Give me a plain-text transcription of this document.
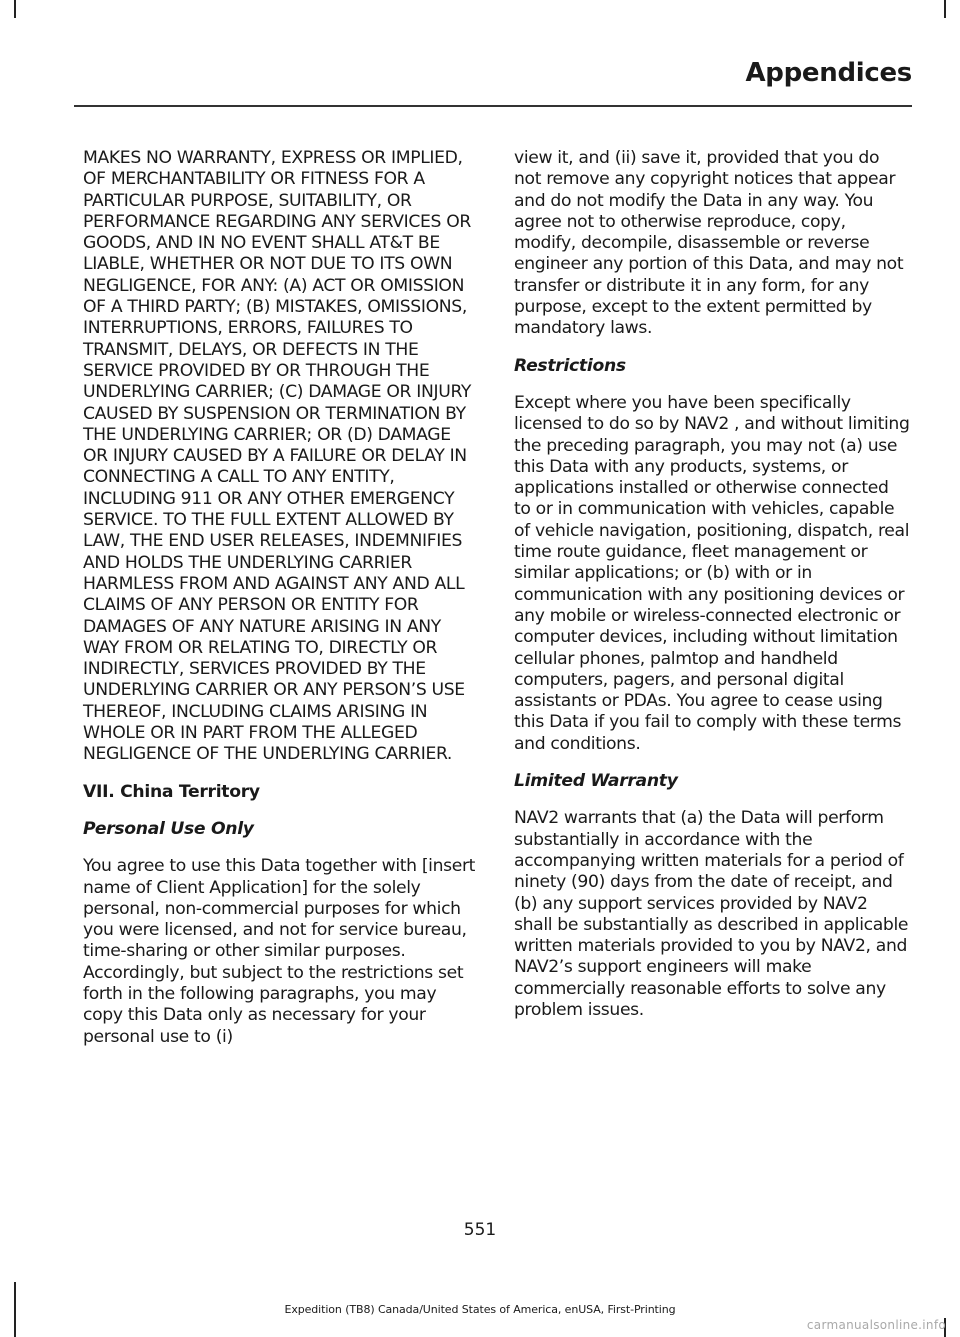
Appendices

MAKES NO WARRANTY, EXPRESS OR IMPLIED, OF MERCHANTABILITY OR FITNESS FOR A PARTICULAR PURPOSE, SUITABILITY, OR PERFORMANCE REGARDING ANY SERVICES OR GOODS, AND IN NO EVENT SHALL AT&T BE LIABLE, WHETHER OR NOT DUE TO ITS OWN NEGLIGENCE, FOR ANY: (A) ACT OR OMISSION OF A THIRD PARTY; (B) MISTAKES, OMISSIONS, INTERRUPTIONS, ERRORS, FAILURES TO TRANSMIT, DELAYS, OR DEFECTS IN THE SERVICE PROVIDED BY OR THROUGH THE UNDERLYING CARRIER; (C) DAMAGE OR INJURY CAUSED BY SUSPENSION OR TERMINATION BY THE UNDERLYING CARRIER; OR (D) DAMAGE OR INJURY CAUSED BY A FAILURE OR DELAY IN CONNECTING A CALL TO ANY ENTITY, INCLUDING 911 OR ANY OTHER EMERGENCY SERVICE. TO THE FULL EXTENT ALLOWED BY LAW, THE END USER RELEASES, INDEMNIFIES AND HOLDS THE UNDERLYING CARRIER HARMLESS FROM AND AGAINST ANY AND ALL CLAIMS OF ANY PERSON OR ENTITY FOR DAMAGES OF ANY NATURE ARISING IN ANY WAY FROM OR RELATING TO, DIRECTLY OR INDIRECTLY, SERVICES PROVIDED BY THE UNDERLYING CARRIER OR ANY PERSON’S USE THEREOF, INCLUDING CLAIMS ARISING IN WHOLE OR IN PART FROM THE ALLEGED NEGLIGENCE OF THE UNDERLYING CARRIER.

VII. China Territory
Personal Use Only

You agree to use this Data together with [insert name of Client Application] for the solely personal, non-commercial purposes for which you were licensed, and not for service bureau, time-sharing or other similar purposes. Accordingly, but subject to the restrictions set forth in the following paragraphs, you may copy this Data only as necessary for your personal use to (i)

view it, and (ii) save it, provided that you do not remove any copyright notices that appear and do not modify the Data in any way. You agree not to otherwise reproduce, copy, modify, decompile, disassemble or reverse engineer any portion of this Data, and may not transfer or distribute it in any form, for any purpose, except to the extent permitted by mandatory laws.

Restrictions

Except where you have been specifically licensed to do so by NAV2 , and without limiting the preceding paragraph, you may not (a) use this Data with any products, systems, or applications installed or otherwise connected to or in communication with vehicles, capable of vehicle navigation, positioning, dispatch, real time route guidance, fleet management or similar applications; or (b) with or in communication with any positioning devices or any mobile or wireless-connected electronic or computer devices, including without limitation cellular phones, palmtop and handheld computers, pagers, and personal digital assistants or PDAs. You agree to cease using this Data if you fail to comply with these terms and conditions.

Limited Warranty

NAV2 warrants that (a) the Data will perform substantially in accordance with the accompanying written materials for a period of ninety (90) days from the date of receipt, and (b) any support services provided by NAV2 shall be substantially as described in applicable written materials provided to you by NAV2, and NAV2’s support engineers will make commercially reasonable efforts to solve any problem issues.

551
Expedition (TB8) Canada/United States of America, enUSA, First-Printing
carmanualsonline.info
